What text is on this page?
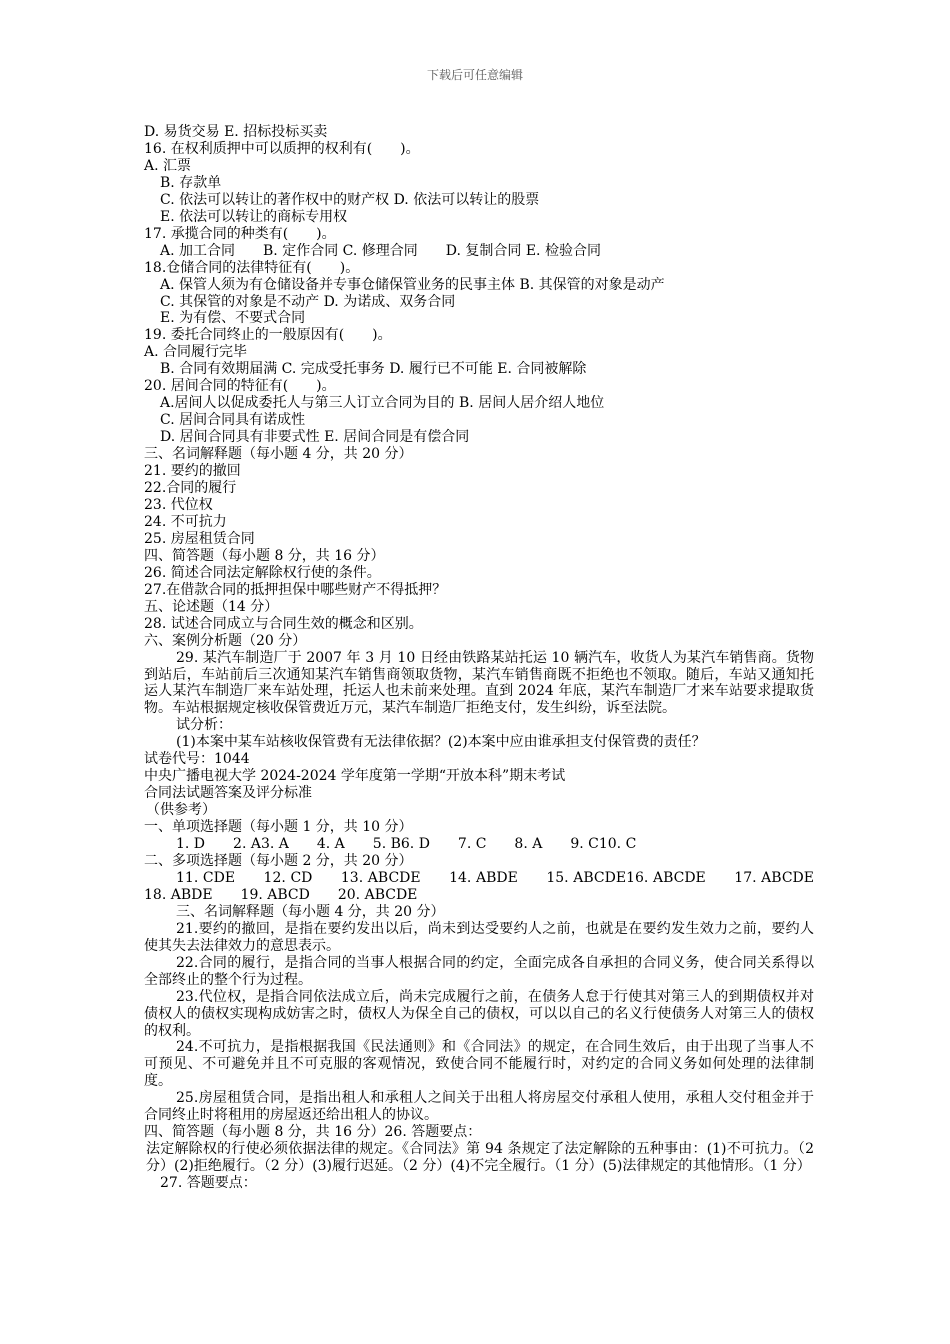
下载后可任意编辑
D. 易货交易 E. 招标投标买卖
16. 在权利质押中可以质押的权利有(　　)。
A. 汇票
B. 存款单
C. 依法可以转让的著作权中的财产权 D. 依法可以转让的股票
E. 依法可以转让的商标专用权
17. 承揽合同的种类有(　　)。
A. 加工合同　　B. 定作合同 C. 修理合同　　D. 复制合同 E. 检验合同
18.仓储合同的法律特征有(　　)。
A. 保管人须为有仓储设备并专事仓储保管业务的民事主体 B. 其保管的对象是动产
C. 其保管的对象是不动产 D. 为诺成、双务合同
E. 为有偿、不要式合同
19. 委托合同终止的一般原因有(　　)。
A. 合同履行完毕
B. 合同有效期届满 C. 完成受托事务 D. 履行已不可能 E. 合同被解除
20. 居间合同的特征有(　　)。
A.居间人以促成委托人与第三人订立合同为目的 B. 居间人居介绍人地位
C. 居间合同具有诺成性
D. 居间合同具有非要式性 E. 居间合同是有偿合同
三、名词解释题（每小题 4 分，共 20 分）
21. 要约的撤回
22.合同的履行
23. 代位权
24. 不可抗力
25. 房屋租赁合同
四、简答题（每小题 8 分，共 16 分）
26. 简述合同法定解除权行使的条件。
27.在借款合同的抵押担保中哪些财产不得抵押？
五、论述题（14 分）
28. 试述合同成立与合同生效的概念和区别。
六、案例分析题（20 分）
29. 某汽车制造厂于 2007 年 3 月 10 日经由铁路某站托运 10 辆汽车，收货人为某汽车销售商。货物到站后，车站前后三次通知某汽车销售商领取货物，某汽车销售商既不拒绝也不领取。随后，车站又通知托运人某汽车制造厂来车站处理，托运人也未前来处理。直到 2024 年底，某汽车制造厂才来车站要求提取货物。车站根据规定核收保管费近万元，某汽车制造厂拒绝支付，发生纠纷，诉至法院。
试分析：
(1)本案中某车站核收保管费有无法律依据？(2)本案中应由谁承担支付保管费的责任？
试卷代号：1044
中央广播电视大学 2024-2024 学年度第一学期“开放本科”期末考试
合同法试题答案及评分标准
（供参考）
一、单项选择题（每小题 1 分，共 10 分）
1. D　　2. A3. A　　4. A　　5. B6. D　　7. C　　8. A　　9. C10. C
二、多项选择题（每小题 2 分，共 20 分）
11. CDE　　12. CD　　13. ABCDE　　14. ABDE　　15. ABCDE16. ABCDE　　17. ABCDE　　18. ABDE　　19. ABCD　　20. ABCDE
三、名词解释题（每小题 4 分，共 20 分）
21.要约的撤回，是指在要约发出以后，尚未到达受要约人之前，也就是在要约发生效力之前，要约人使其失去法律效力的意思表示。
22.合同的履行，是指合同的当事人根据合同的约定，全面完成各自承担的合同义务，使合同关系得以全部终止的整个行为过程。
23.代位权，是指合同依法成立后，尚未完成履行之前，在债务人怠于行使其对第三人的到期债权并对债权人的债权实现构成妨害之时，债权人为保全自己的债权，可以以自己的名义行使债务人对第三人的债权的权利。
24.不可抗力，是指根据我国《民法通则》和《合同法》的规定，在合同生效后，由于出现了当事人不可预见、不可避免并且不可克服的客观情况，致使合同不能履行时，对约定的合同义务如何处理的法律制度。
25.房屋租赁合同，是指出租人和承租人之间关于出租人将房屋交付承租人使用，承租人交付租金并于合同终止时将租用的房屋返还给出租人的协议。
四、简答题（每小题 8 分，共 16 分）26. 答题要点：
法定解除权的行使必须依据法律的规定。《合同法》第 94 条规定了法定解除的五种事由：(1)不可抗力。（2 分）(2)拒绝履行。（2 分）(3)履行迟延。（2 分）(4)不完全履行。（1 分）(5)法律规定的其他情形。（1 分）
27. 答题要点：
